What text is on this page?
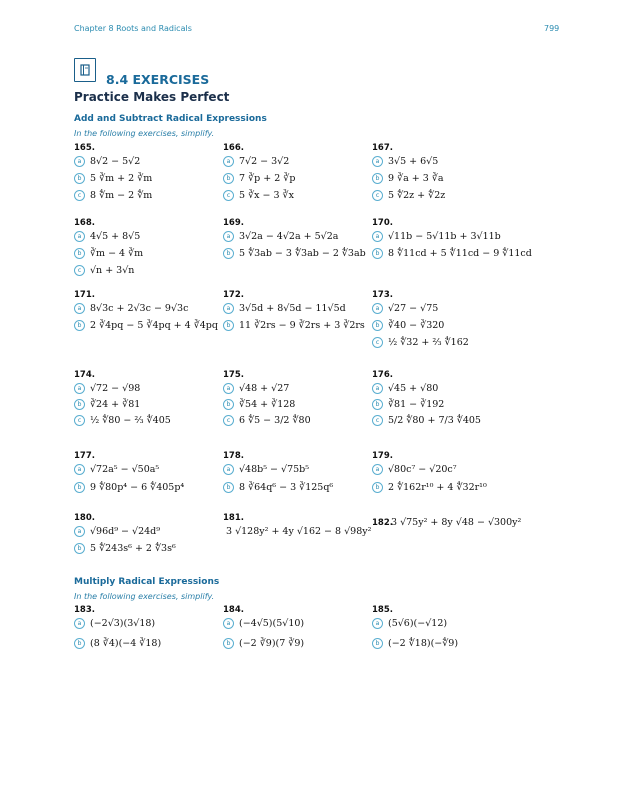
Chapter 8 Roots and Radicals	799
8.4 EXERCISES
Practice Makes Perfect
Add and Subtract Radical Expressions
In the following exercises, simplify.
Multiply Radical Expressions
In the following exercises, simplify.
165.
a 8√2 − 5√2
b 5 ∛m + 2 ∛m
c 8 ∜m − 2 ∜m
166.
a 7√2 − 3√2
b 7 ∛p + 2 ∛p
c 5 ∛x − 3 ∛x
167.
a 3√5 + 6√5
b 9 ∛a + 3 ∛a
c 5 ∜2z + ∜2z
168.
a 4√5 + 8√5
b ∛m − 4 ∛m
c √n + 3√n
169.
a 3√2a − 4√2a + 5√2a
b 5 ∜3ab − 3 ∜3ab − 2 ∜3ab
170.
a √11b − 5√11b + 3√11b
b 8 ∜11cd + 5 ∜11cd − 9 ∜11cd
171.
a 8√3c + 2√3c − 9√3c
b 2 ∛4pq − 5 ∛4pq + 4 ∛4pq
172.
a 3√5d + 8√5d − 11√5d
b 11 ∛2rs − 9 ∛2rs + 3 ∛2rs
173.
a √27 − √75
b ∛40 − ∛320
c ½ ∜32 + ⅔ ∜162
174.
a √72 − √98
b ∛24 + ∛81
c ½ ∜80 − ⅔ ∜405
175.
a √48 + √27
b ∛54 + ∛128
c 6 ∜5 − 3/2 ∜80
176.
a √45 + √80
b ∛81 − ∛192
c 5/2 ∜80 + 7/3 ∜405
177.
a √72a⁵ − √50a⁵
b 9 ∜80p⁴ − 6 ∜405p⁴
178.
a √48b⁵ − √75b⁵
b 8 ∛64q⁶ − 3 ∛125q⁶
179.
a √80c⁷ − √20c⁷
b 2 ∜162r¹⁰ + 4 ∜32r¹⁰
180.
a √96d⁹ − √24d⁹
b 5 ∜243s⁶ + 2 ∜3s⁶
181.
3 √128y² + 4y √162 − 8 √98y²
182.
3 √75y² + 8y √48 − √300y²
183.
a (−2√3)(3√18)
b (8 ∛4)(−4 ∛18)
184.
a (−4√5)(5√10)
b (−2 ∛9)(7 ∛9)
185.
a (5√6)(−√12)
b (−2 ∜18)(−∜9)
